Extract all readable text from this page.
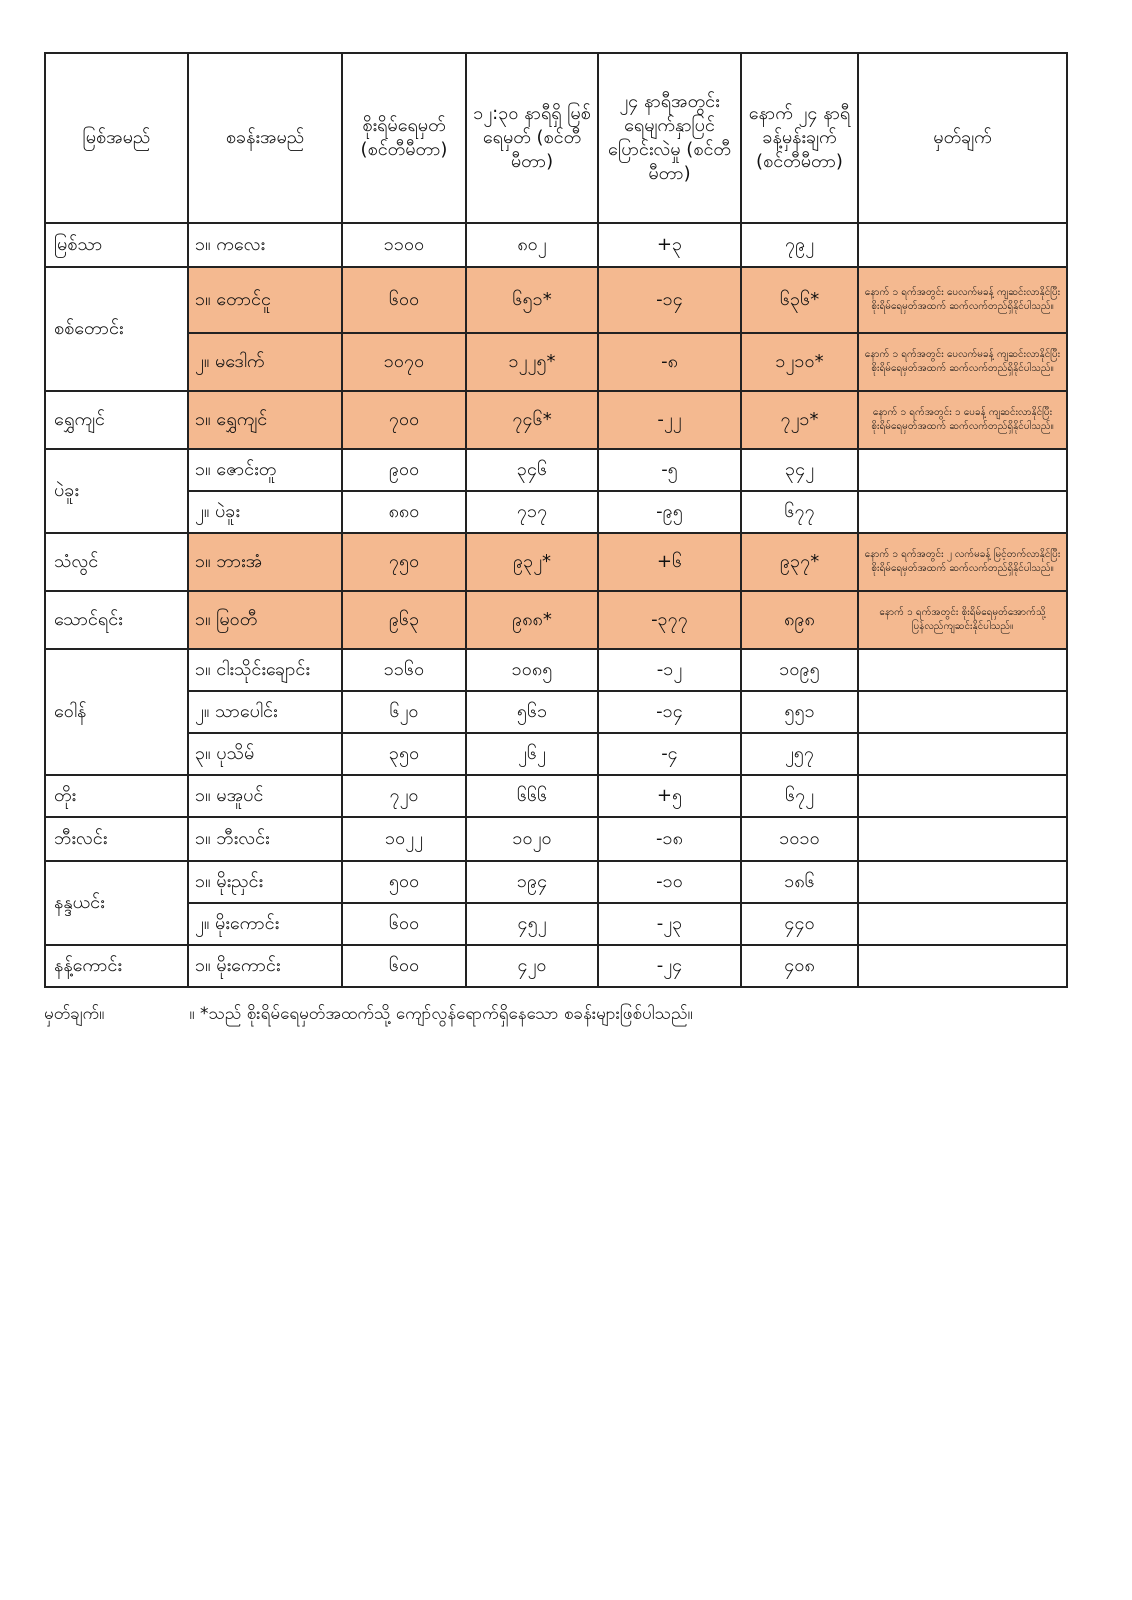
မြစ်အမည်	စခန်းအမည်	စိုးရိမ်ရေမှတ် (စင်တီမီတာ)	၁၂:၃၀ နာရီရှိ မြစ်ရေမှတ် (စင်တီမီတာ)	၂၄ နာရီအတွင်း ရေမျက်နှာပြင် ပြောင်းလဲမှု (စင်တီမီတာ)	နောက် ၂၄ နာရီ ခန့်မှန်းချက် (စင်တီမီတာ)	မှတ်ချက်
မြစ်သာ	၁။ ကလေး	၁၁၀၀	၈၀၂	+၃	၇၉၂	
စစ်တောင်း	၁။ တောင်ငူ	၆၀၀	၆၅၁*	-၁၄	၆၃၆*	နောက် ၁ ရက်အတွင်း ပေ‌လက်မခန့် ကျဆင်းလာနိုင်ပြီး စိုးရိမ်ရေမှတ်အထက် ဆက်လက်တည်ရှိနိုင်ပါသည်။
	၂။ မဒေါက်	၁၀၇၀	၁၂၂၅*	-၈	၁၂၁၀*	နောက် ၁ ရက်အတွင်း ပေ‌လက်မခန့် ကျဆင်းလာနိုင်ပြီး စိုးရိမ်ရေမှတ်အထက် ဆက်လက်တည်ရှိနိုင်ပါသည်။
ရွှေကျင်	၁။ ရွှေကျင်	၇၀၀	၇၄၆*	-၂၂	၇၂၁*	နောက် ၁ ရက်အတွင်း ၁ ပေခန့် ကျဆင်းလာနိုင်ပြီး စိုးရိမ်ရေမှတ်အထက် ဆက်လက်တည်ရှိနိုင်ပါသည်။
ပဲခူး	၁။ ဇောင်းတူ	၉၀၀	၃၄၆	-၅	၃၄၂	
	၂။ ပဲခူး	၈၈၀	၇၁၇	-၉၅	၆၇၇	
သံလွင်	၁။ ဘားအံ	၇၅၀	၉၃၂*	+၆	၉၃၇*	နောက် ၁ ရက်အတွင်း ၂ လက်မခန့် မြင့်တက်လာနိုင်ပြီး စိုးရိမ်ရေမှတ်အထက် ဆက်လက်တည်ရှိနိုင်ပါသည်။
သောင်ရင်း	၁။ မြဝတီ	၉၆၃	၉၈၈*	-၃၇၇	၈၉၈	နောက် ၁ ရက်အတွင်း စိုးရိမ်ရေမှတ်အောက်သို့ ပြန်လည်ကျဆင်းနိုင်ပါသည်။
ဝေါန်	၁။ ငါးသိုင်းချောင်း	၁၁၆၀	၁၀၈၅	-၁၂	၁၀၉၅	
	၂။ သာပေါင်း	၆၂၀	၅၆၁	-၁၄	၅၅၁	
	၃။ ပုသိမ်	၃၅၀	၂၆၂	-၄	၂၅၇	
တိုး	၁။ မအူပင်	၇၂၀	၆၆၆	+၅	၆၇၂	
ဘီးလင်း	၁။ ဘီးလင်း	၁၀၂၂	၁၀၂၀	-၁၈	၁၀၁၀	
နန္ဒယင်း	၁။ မိုးညှင်း	၅၀၀	၁၉၄	-၁၀	၁၈၆	
	၂။ မိုးကောင်း	၆၀၀	၄၅၂	-၂၃	၄၄၀	
နန့်ကောင်း	၁။ မိုးကောင်း	၆၀၀	၄၂၀	-၂၄	၄၀၈	
မှတ်ချက်။	။ *သည် စိုးရိမ်ရေမှတ်အထက်သို့ ကျော်လွန်ရောက်ရှိနေသော စခန်းများဖြစ်ပါသည်။
